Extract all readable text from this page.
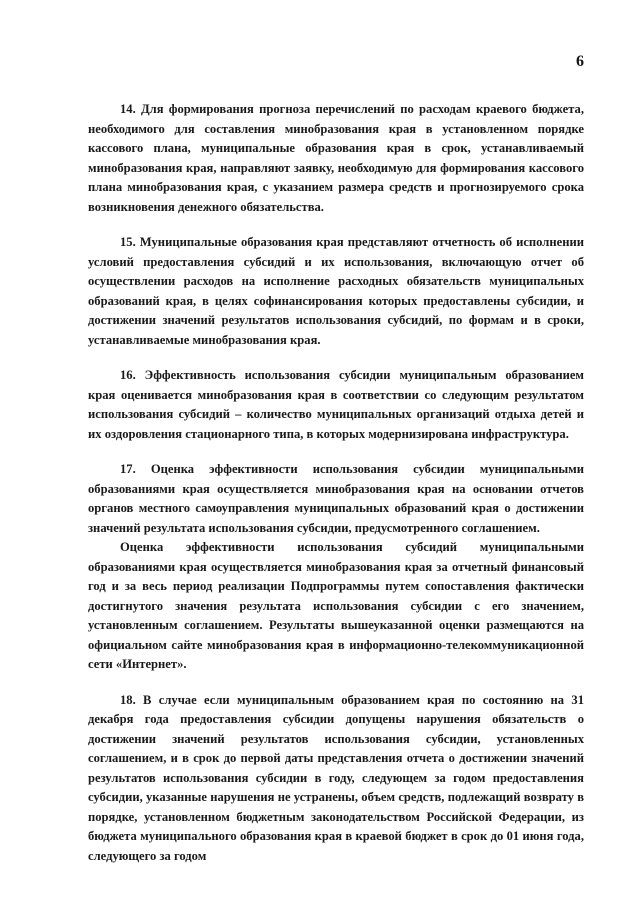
6

14. Для формирования прогноза перечислений по расходам краевого бюджета, необходимого для составления минобразования края в установленном порядке кассового плана, муниципальные образования края в срок, устанавливаемый минобразования края, направляют заявку, необходимую для формирования кассового плана минобразования края, с указанием размера средств и прогнозируемого срока возникновения денежного обязательства.

15. Муниципальные образования края представляют отчетность об исполнении условий предоставления субсидий и их использования, включающую отчет об осуществлении расходов на исполнение расходных обязательств муниципальных образований края, в целях софинансирования которых предоставлены субсидии, и достижении значений результатов использования субсидий, по формам и в сроки, устанавливаемые минобразования края.

16. Эффективность использования субсидии муниципальным образованием края оценивается минобразования края в соответствии со следующим результатом использования субсидий – количество муниципальных организаций отдыха детей и их оздоровления стационарного типа, в которых модернизирована инфраструктура.

17. Оценка эффективности использования субсидии муниципальными образованиями края осуществляется минобразования края на основании отчетов органов местного самоуправления муниципальных образований края о достижении значений результата использования субсидии, предусмотренного соглашением.

Оценка эффективности использования субсидий муниципальными образованиями края осуществляется минобразования края за отчетный финансовый год и за весь период реализации Подпрограммы путем сопоставления фактически достигнутого значения результата использования субсидии с его значением, установленным соглашением. Результаты вышеуказанной оценки размещаются на официальном сайте минобразования края в информационно-телекоммуникационной сети «Интернет».

18. В случае если муниципальным образованием края по состоянию на 31 декабря года предоставления субсидии допущены нарушения обязательств о достижении значений результатов использования субсидии, установленных соглашением, и в срок до первой даты представления отчета о достижении значений результатов использования субсидии в году, следующем за годом предоставления субсидии, указанные нарушения не устранены, объем средств, подлежащий возврату в порядке, установленном бюджетным законодательством Российской Федерации, из бюджета муниципального образования края в краевой бюджет в срок до 01 июня года, следующего за годом
